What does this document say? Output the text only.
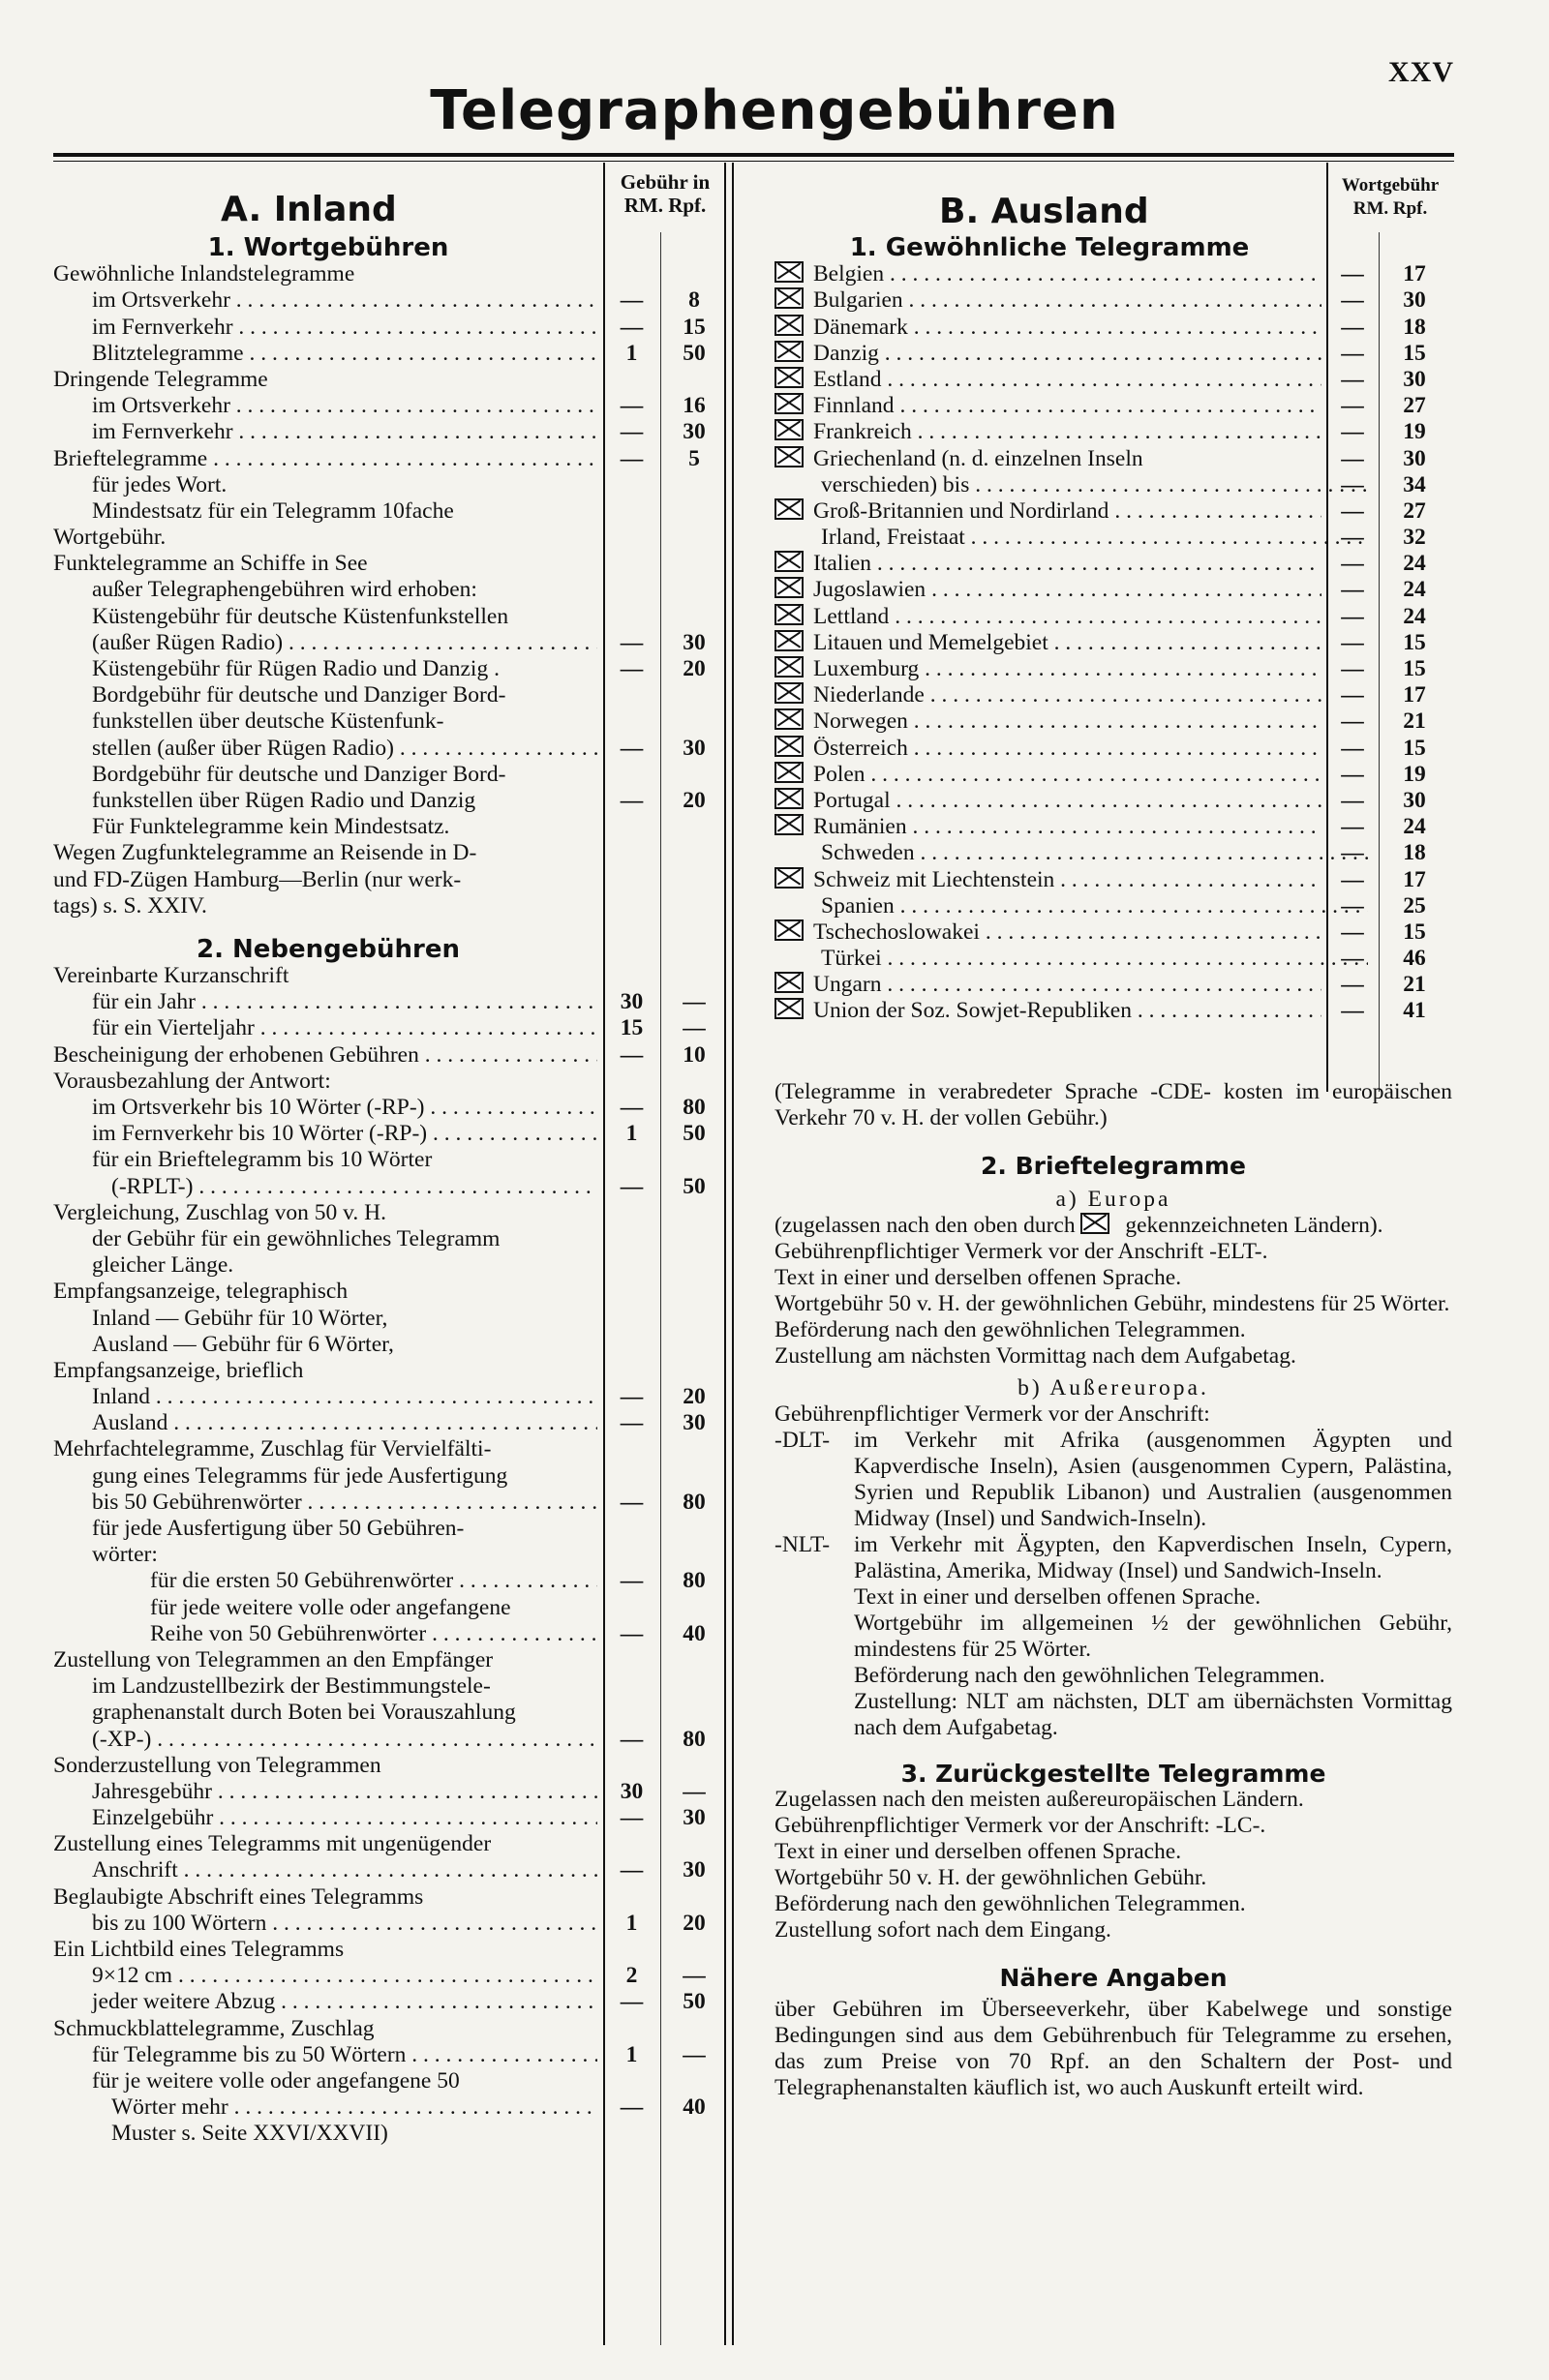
XXV
Telegraphengebühren
A. Inland
Gebühr in
RM. Rpf.	B. Ausland
Wortgebühr
RM. Rpf.
1. Wortgebühren
Gewöhnliche Inlandstelegramme
im Ortsverkehr . . .	—	8
im Fernverkehr . . .	—	15
Blitztelegramme . . .	1	50
Dringende Telegramme
im Ortsverkehr . . .	—	16
im Fernverkehr . . .	—	30
Brieftelegramme . . .	—	5
für jedes Wort.
Mindestsatz für ein Telegramm 10fache
Wortgebühr.
Funktelegramme an Schiffe in See
außer Telegraphengebühren wird erhoben:
Küstengebühr für deutsche Küstenfunkstellen
(außer Rügen Radio) . . .	—	30
Küstengebühr für Rügen Radio und Danzig .	—	20
Bordgebühr für deutsche und Danziger Bord-
funkstellen über deutsche Küstenfunk-
stellen (außer über Rügen Radio) . . .	—	30
Bordgebühr für deutsche und Danziger Bord-
funkstellen über Rügen Radio und Danzig	—	20
Für Funktelegramme kein Mindestsatz.
Wegen Zugfunktelegramme an Reisende in D-
und FD-Zügen Hamburg—Berlin (nur werk-
tags) s. S. XXIV.
2. Nebengebühren
Vereinbarte Kurzanschrift
für ein Jahr . . .	30	—
für ein Vierteljahr . . .	15	—
Bescheinigung der erhobenen Gebühren . . .	—	10
Vorausbezahlung der Antwort:
im Ortsverkehr bis 10 Wörter (-RP-) . . .	—	80
im Fernverkehr bis 10 Wörter (-RP-) . . .	1	50
für ein Brieftelegramm bis 10 Wörter
(-RPLT-) . . .	—	50
Vergleichung, Zuschlag von 50 v. H.
der Gebühr für ein gewöhnliches Telegramm
gleicher Länge.
Empfangsanzeige, telegraphisch
Inland — Gebühr für 10 Wörter,
Ausland — Gebühr für 6 Wörter,
Empfangsanzeige, brieflich
Inland . . .	—	20
Ausland . . .	—	30
Mehrfachtelegramme, Zuschlag für Vervielfälti-
gung eines Telegramms für jede Ausfertigung
bis 50 Gebührenwörter . . .	—	80
für jede Ausfertigung über 50 Gebühren-
wörter:
für die ersten 50 Gebührenwörter . . .	—	80
für jede weitere volle oder angefangene
Reihe von 50 Gebührenwörter . . .	—	40
Zustellung von Telegrammen an den Empfänger
im Landzustellbezirk der Bestimmungstele-
graphenanstalt durch Boten bei Vorauszahlung
(-XP-) . . .	—	80
Sonderzustellung von Telegrammen
Jahresgebühr . . .	30	—
Einzelgebühr . . .	—	30
Zustellung eines Telegramms mit ungenügender
Anschrift . . .	—	30
Beglaubigte Abschrift eines Telegramms
bis zu 100 Wörtern . . .	1	20
Ein Lichtbild eines Telegramms
9×12 cm . . .	2	—
jeder weitere Abzug . . .	—	50
Schmuckblattelegramme, Zuschlag
für Telegramme bis zu 50 Wörtern . . .	1	—
für je weitere volle oder angefangene 50
Wörter mehr . . .	—	40
Muster s. Seite XXVI/XXVII)
1. Gewöhnliche Telegramme
Belgien . . .	—	17
Bulgarien . . .	—	30
Dänemark . . .	—	18
Danzig . . .	—	15
Estland . . .	—	30
Finnland . . .	—	27
Frankreich . . .	—	19
Griechenland (n. d. einzelnen Inseln	—	30
verschieden) bis . . .	—	34
Groß-Britannien und Nordirland . . .	—	27
Irland, Freistaat . . .	—	32
Italien . . .	—	24
Jugoslawien . . .	—	24
Lettland . . .	—	24
Litauen und Memelgebiet . . .	—	15
Luxemburg . . .	—	15
Niederlande . . .	—	17
Norwegen . . .	—	21
Österreich . . .	—	15
Polen . . .	—	19
Portugal . . .	—	30
Rumänien . . .	—	24
Schweden . . .	—	18
Schweiz mit Liechtenstein . . .	—	17
Spanien . . .	—	25
Tschechoslowakei . . .	—	15
Türkei . . .	—	46
Ungarn . . .	—	21
Union der Soz. Sowjet-Republiken . . .	—	41
(Telegramme in verabredeter Sprache -CDE- kosten im europäischen Verkehr 70 v. H. der vollen Gebühr.)
2. Brieftelegramme
a) Europa
(zugelassen nach den oben durch gekennzeichneten Ländern).
Gebührenpflichtiger Vermerk vor der Anschrift -ELT-.
Text in einer und derselben offenen Sprache.
Wortgebühr 50 v. H. der gewöhnlichen Gebühr, mindestens für 25 Wörter.
Beförderung nach den gewöhnlichen Telegrammen.
Zustellung am nächsten Vormittag nach dem Aufgabetag.
b) Außereuropa.
Gebührenpflichtiger Vermerk vor der Anschrift:
-DLT-	im Verkehr mit Afrika (ausgenommen Ägypten und Kapverdische Inseln), Asien (ausgenommen Cypern, Palästina, Syrien und Republik Libanon) und Australien (ausgenommen Midway (Insel) und Sandwich-Inseln).
-NLT-	im Verkehr mit Ägypten, den Kapverdischen Inseln, Cypern, Palästina, Amerika, Midway (Insel) und Sandwich-Inseln.
Text in einer und derselben offenen Sprache.
Wortgebühr im allgemeinen ½ der gewöhnlichen Gebühr, mindestens für 25 Wörter.
Beförderung nach den gewöhnlichen Telegrammen.
Zustellung: NLT am nächsten, DLT am übernächsten Vormittag nach dem Aufgabetag.
3. Zurückgestellte Telegramme
Zugelassen nach den meisten außereuropäischen Ländern.
Gebührenpflichtiger Vermerk vor der Anschrift: -LC-.
Text in einer und derselben offenen Sprache.
Wortgebühr 50 v. H. der gewöhnlichen Gebühr.
Beförderung nach den gewöhnlichen Telegrammen.
Zustellung sofort nach dem Eingang.
Nähere Angaben
über Gebühren im Überseeverkehr, über Kabelwege und sonstige Bedingungen sind aus dem Gebührenbuch für Telegramme zu ersehen, das zum Preise von 70 Rpf. an den Schaltern der Post- und Telegraphenanstalten käuflich ist, wo auch Auskunft erteilt wird.
